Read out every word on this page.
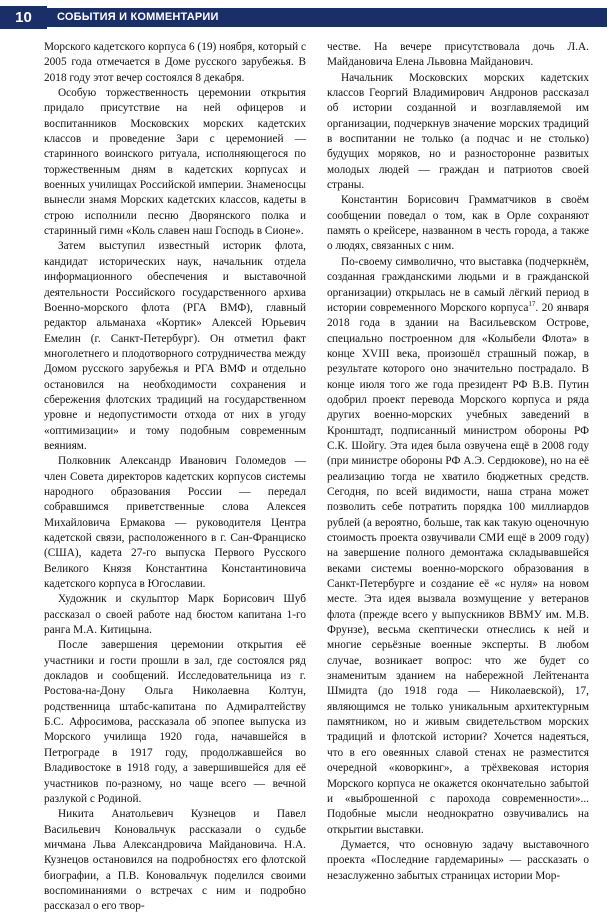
10	СОБЫТИЯ И КОММЕНТАРИИ

Морского кадетского корпуса 6 (19) ноября, который с 2005 года отмечается в Доме русского зарубежья. В 2018 году этот вечер состоялся 8 декабря.

Особую торжественность церемонии открытия придало присутствие на ней офицеров и воспитанников Московских морских кадетских классов и проведение Зари с церемонией — старинного воинского ритуала, исполняющегося по торжественным дням в кадетских корпусах и военных училищах Российской империи. Знаменосцы вынесли знамя Морских кадетских классов, кадеты в строю исполнили песню Дворянского полка и старинный гимн «Коль славен наш Господь в Сионе».

Затем выступил известный историк флота, кандидат исторических наук, начальник отдела информационного обеспечения и выставочной деятельности Российского государственного архива Военно-морского флота (РГА ВМФ), главный редактор альманаха «Кортик» Алексей Юрьевич Емелин (г. Санкт-Петербург). Он отметил факт многолетнего и плодотворного сотрудничества между Домом русского зарубежья и РГА ВМФ и отдельно остановился на необходимости сохранения и сбережения флотских традиций на государственном уровне и недопустимости отхода от них в угоду «оптимизации» и тому подобным современным веяниям.

Полковник Александр Иванович Голомедов — член Совета директоров кадетских корпусов системы народного образования России — передал собравшимся приветственные слова Алексея Михайловича Ермакова — руководителя Центра кадетской связи, расположенного в г. Сан-Франциско (США), кадета 27-го выпуска Первого Русского Великого Князя Константина Константиновича кадетского корпуса в Югославии.

Художник и скульптор Марк Борисович Шуб рассказал о своей работе над бюстом капитана 1-го ранга М.А. Китицына.

После завершения церемонии открытия её участники и гости прошли в зал, где состоялся ряд докладов и сообщений. Исследовательница из г. Ростова-на-Дону Ольга Николаевна Колтун, родственница штабс-капитана по Адмиралтейству Б.С. Афросимова, рассказала об эпопее выпуска из Морского училища 1920 года, начавшейся в Петрограде в 1917 году, продолжавшейся во Владивостоке в 1918 году, а завершившейся для её участников по-разному, но чаще всего — вечной разлукой с Родиной.

Никита Анатольевич Кузнецов и Павел Васильевич Коновальчук рассказали о судьбе мичмана Льва Александровича Майдановича. Н.А. Кузнецов остановился на подробностях его флотской биографии, а П.В. Коновальчук поделился своими воспоминаниями о встречах с ним и подробно рассказал о его твор-

честве. На вечере присутствовала дочь Л.А. Майдановича Елена Львовна Майданович.

Начальник Московских морских кадетских классов Георгий Владимирович Андронов рассказал об истории созданной и возглавляемой им организации, подчеркнув значение морских традиций в воспитании не только (а подчас и не столько) будущих моряков, но и разносторонне развитых молодых людей — граждан и патриотов своей страны.

Константин Борисович Грамматчиков в своём сообщении поведал о том, как в Орле сохраняют память о крейсере, названном в честь города, а также о людях, связанных с ним.

По-своему символично, что выставка (подчеркнём, созданная гражданскими людьми и в гражданской организации) открылась не в самый лёгкий период в истории современного Морского корпуса$^{17}$. 20 января 2018 года в здании на Васильевском Острове, специально построенном для «Колыбели Флота» в конце XVIII века, произошёл страшный пожар, в результате которого оно значительно пострадало. В конце июля того же года президент РФ В.В. Путин одобрил проект перевода Морского корпуса и ряда других военно-морских учебных заведений в Кронштадт, подписанный министром обороны РФ С.К. Шойгу. Эта идея была озвучена ещё в 2008 году (при министре обороны РФ А.Э. Сердюкове), но на её реализацию тогда не хватило бюджетных средств. Сегодня, по всей видимости, наша страна может позволить себе потратить порядка 100 миллиардов рублей (а вероятно, больше, так как такую оценочную стоимость проекта озвучивали СМИ ещё в 2009 году) на завершение полного демонтажа складывавшейся веками системы военно-морского образования в Санкт-Петербурге и создание её «с нуля» на новом месте. Эта идея вызвала возмущение у ветеранов флота (прежде всего у выпускников ВВМУ им. М.В. Фрунзе), весьма скептически отнеслись к ней и многие серьёзные военные эксперты. В любом случае, возникает вопрос: что же будет со знаменитым зданием на набережной Лейтенанта Шмидта (до 1918 года — Николаевской), 17, являющимся не только уникальным архитектурным памятником, но и живым свидетельством морских традиций и флотской истории? Хочется надеяться, что в его овеянных славой стенах не разместится очередной «коворкинг», а трёхвековая история Морского корпуса не окажется окончательно забытой и «выброшенной с парохода современности»... Подобные мысли неоднократно озвучивались на открытии выставки.

Думается, что основную задачу выставочного проекта «Последние гардемарины» — рассказать о незаслуженно забытых страницах истории Мор-
